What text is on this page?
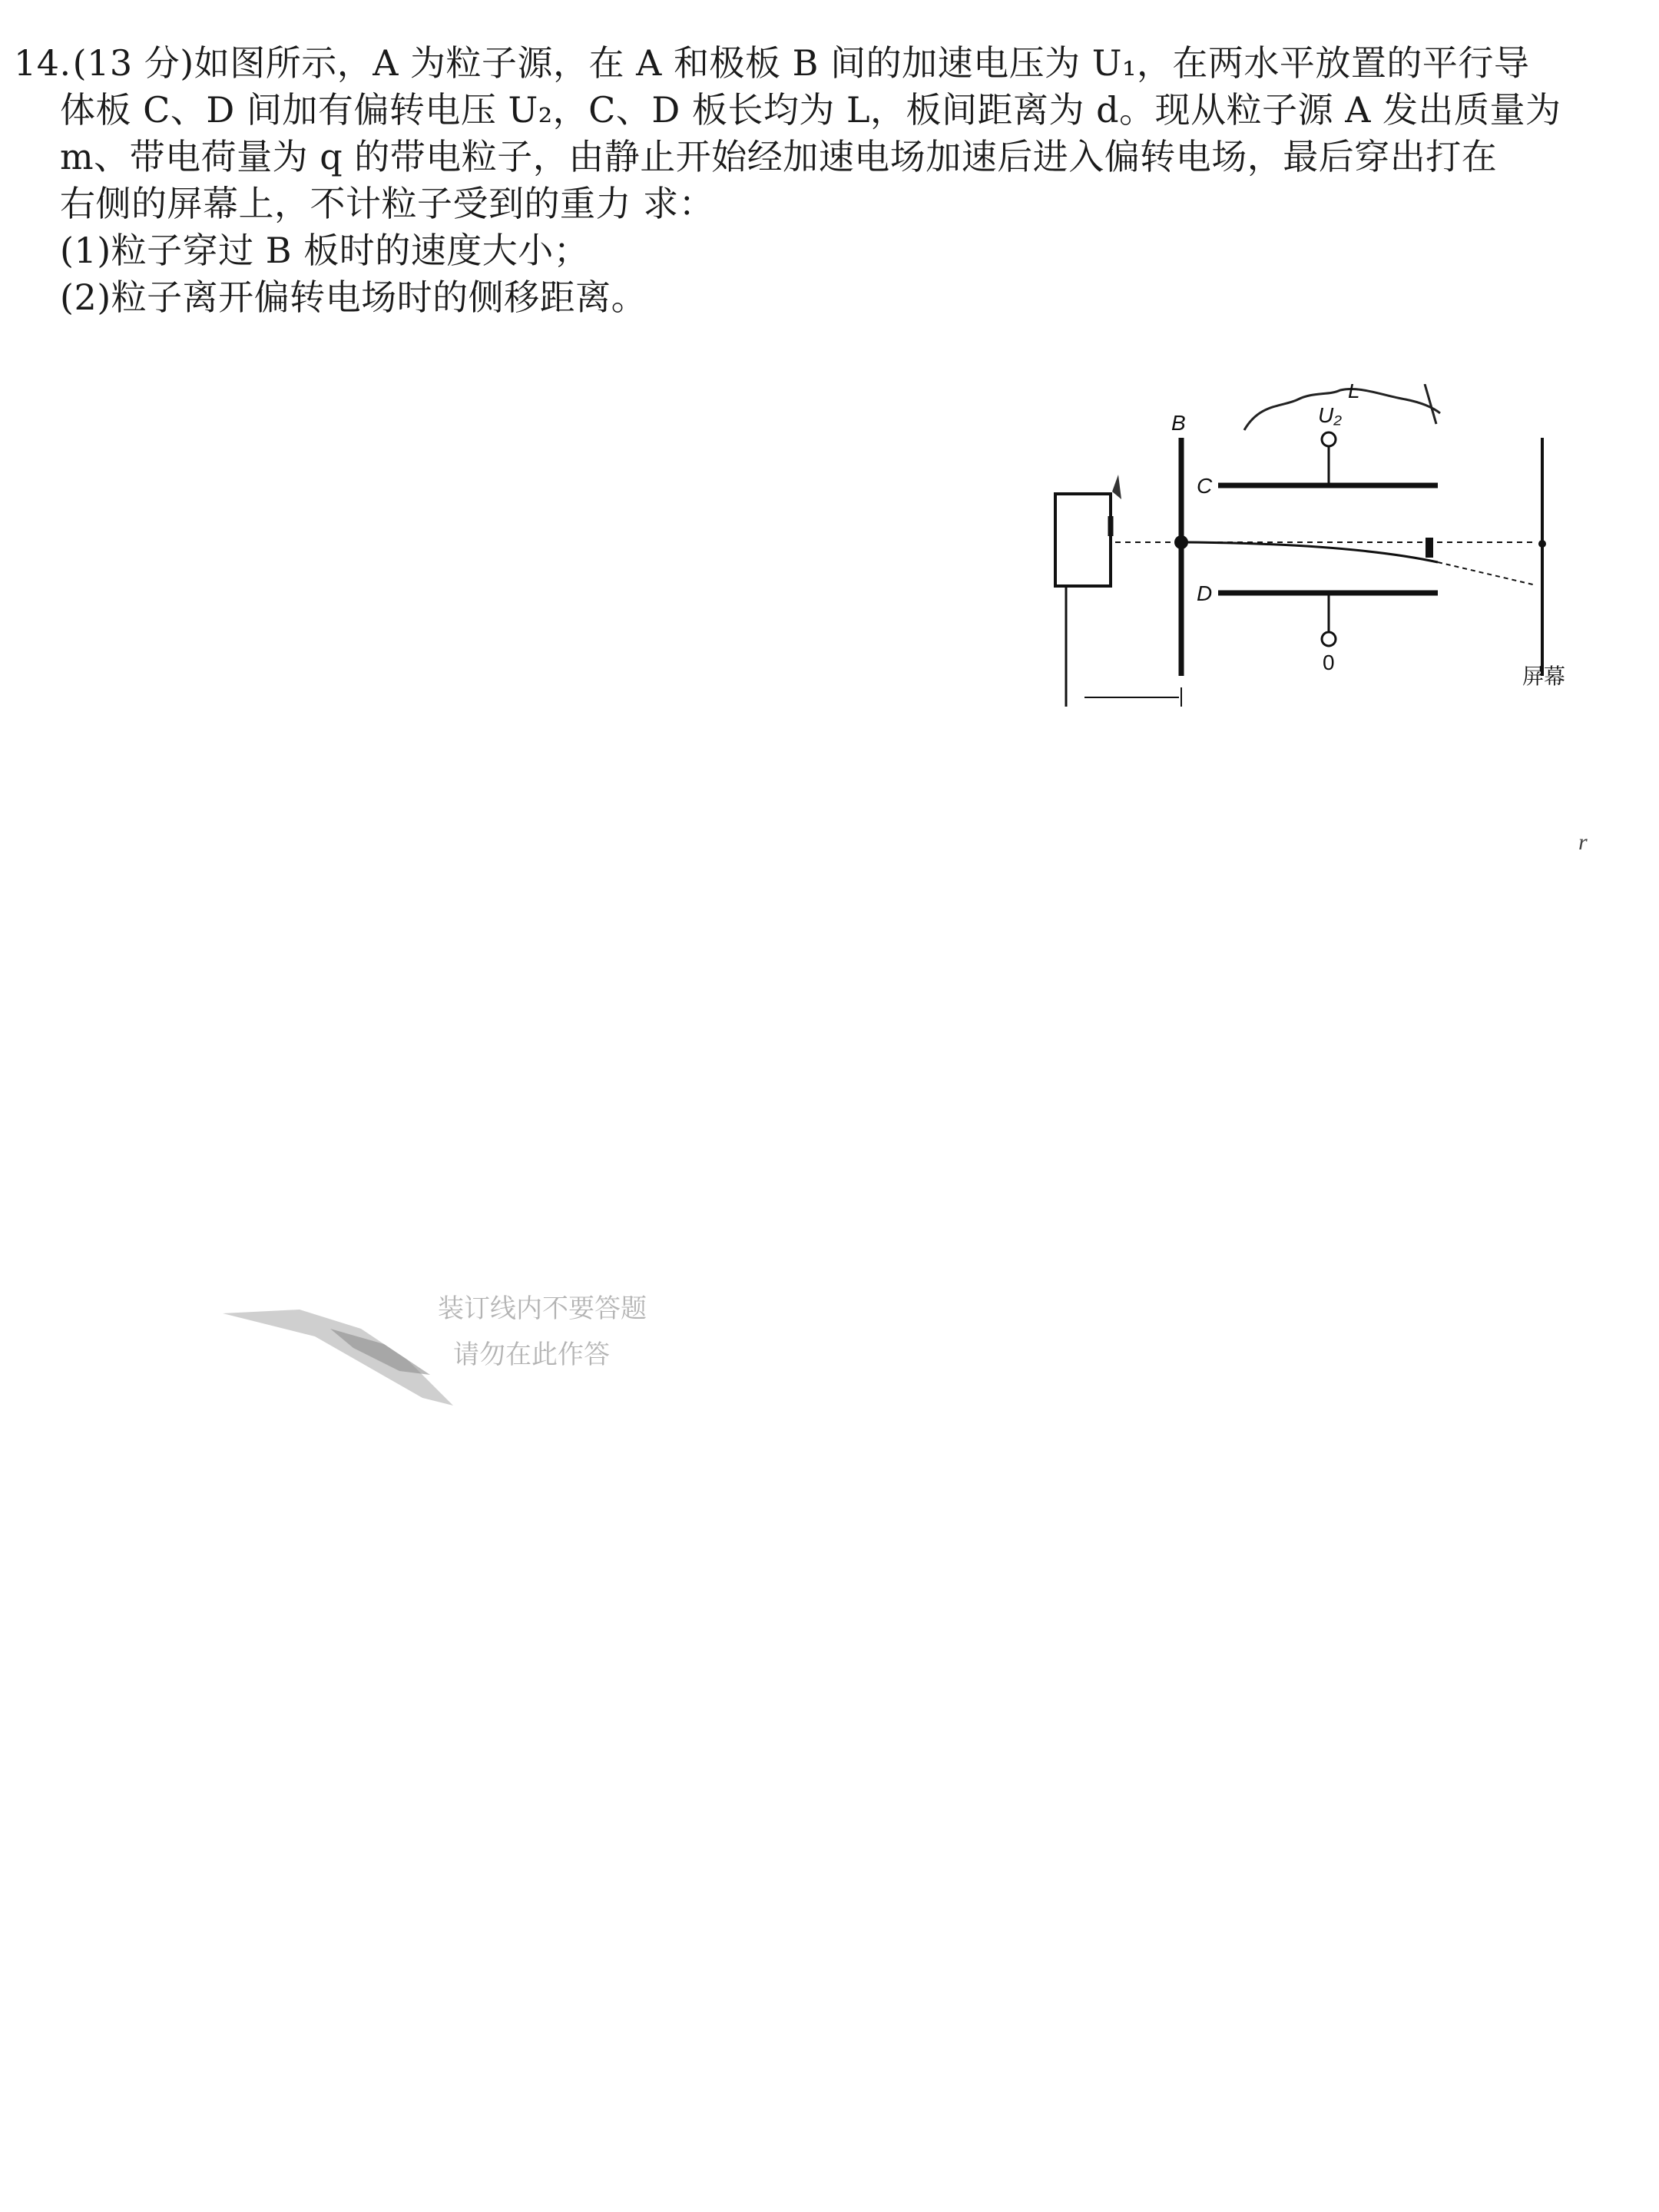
14.(13 分)如图所示，A 为粒子源，在 A 和极板 B 间的加速电压为 U₁，在两水平放置的平行导

体板 C、D 间加有偏转电压 U₂，C、D 板长均为 L，板间距离为 d。现从粒子源 A 发出质量为

m、带电荷量为 q 的带电粒子，由静止开始经加速电场加速后进入偏转电场，最后穿出打在

右侧的屏幕上，不计粒子受到的重力 求：

(1)粒子穿过 B 板时的速度大小；

(2)粒子离开偏转电场时的侧移距离。

L
B
C
U₂
D
0
屏幕
r
装订线内不要答题
请勿在此作答
